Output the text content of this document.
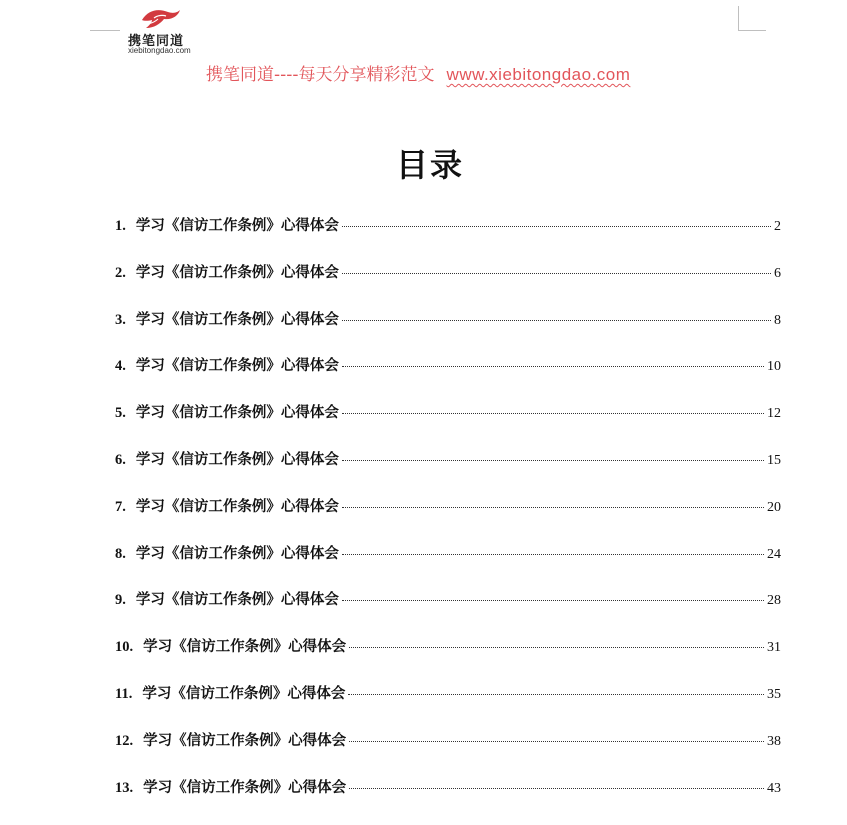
携笔同道
xiebitongdao.com
携笔同道----每天分享精彩范文 www.xiebitongdao.com
目录
1. 学习《信访工作条例》心得体会	2
2. 学习《信访工作条例》心得体会	6
3. 学习《信访工作条例》心得体会	8
4. 学习《信访工作条例》心得体会	10
5. 学习《信访工作条例》心得体会	12
6. 学习《信访工作条例》心得体会	15
7. 学习《信访工作条例》心得体会	20
8. 学习《信访工作条例》心得体会	24
9. 学习《信访工作条例》心得体会	28
10. 学习《信访工作条例》心得体会	31
11. 学习《信访工作条例》心得体会	35
12. 学习《信访工作条例》心得体会	38
13. 学习《信访工作条例》心得体会	43
